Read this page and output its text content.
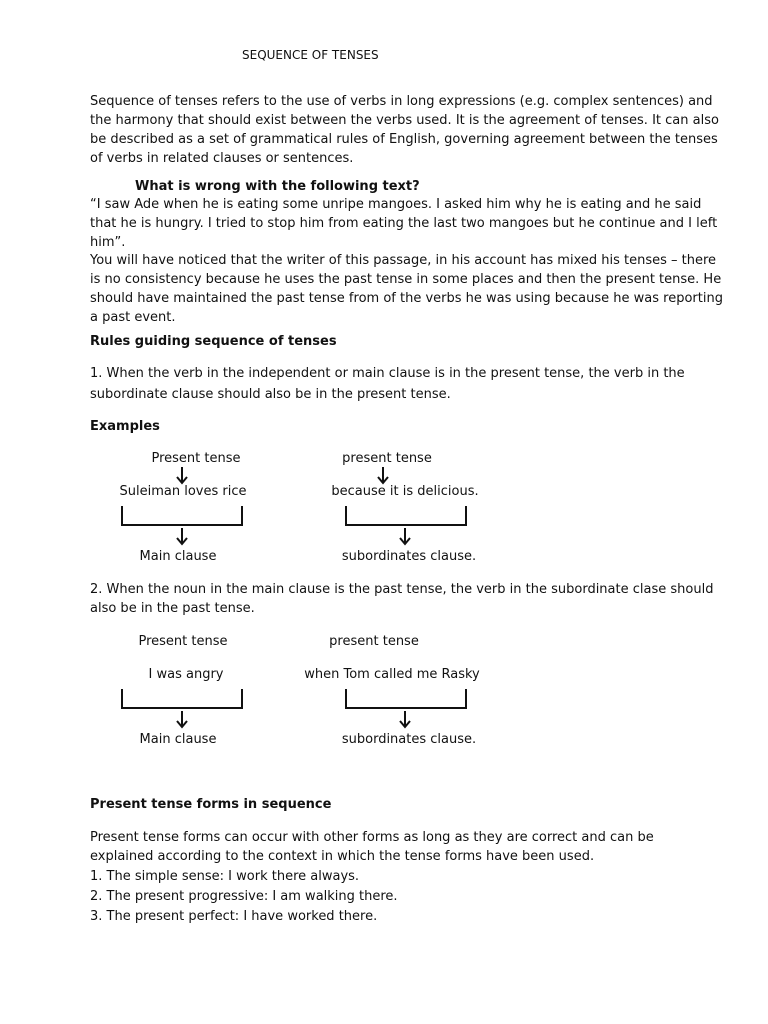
SEQUENCE OF TENSES
Sequence of tenses refers to the use of verbs in long expressions (e.g. complex sentences) and
the harmony that should exist between the verbs used. It is the agreement of tenses. It can also
be described as a set of grammatical rules of English, governing agreement between the tenses
of verbs in related clauses or sentences.
What is wrong with the following text?
“I saw Ade when he is eating some unripe mangoes. I asked him why he is eating and he said
that he is hungry. I tried to stop him from eating the last two mangoes but he continue and I left
him”.
You will have noticed that the writer of this passage, in his account has mixed his tenses – there
is no consistency because he uses the past tense in some places and then the present tense. He
should have maintained the past tense from of the verbs he was using because he was reporting
a past event.
Rules guiding sequence of tenses
1. When the verb in the independent or main clause is in the present tense, the verb in the
subordinate clause should also be in the present tense.
Examples
Present tense
Suleiman loves rice
Main clause
present tense
because it is delicious.
subordinates clause.
2. When the noun in the main clause is the past tense, the verb in the subordinate clase should
also be in the past tense.
Present tense
I was angry
Main clause
present tense
when Tom called me Rasky
subordinates clause.
Present tense forms in sequence
Present tense forms can occur with other forms as long as they are correct and can be
explained according to the context in which the tense forms have been used.
1. The simple sense: I work there always.
2. The present progressive: I am walking there.
3. The present perfect: I have worked there.
